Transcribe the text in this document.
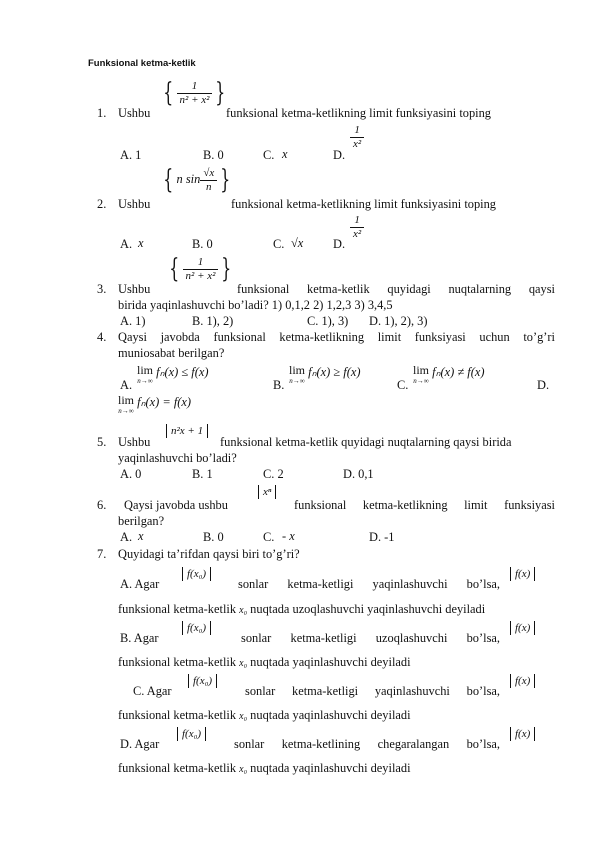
Funksional ketma-ketlik
1. Ushbu
{ $\frac{1}{\text{n² + x²}}$ }
funksional ketma-ketlikning limit funksiyasini toping
A. 1	B. 0	C. x	D.
$\frac{1}{\text{x²}}$
2. Ushbu
{ n $\sin \frac{√x}{n}$ }
funksional ketma-ketlikning limit funksiyasini toping
A. x	B. 0	C. √x D.
$\frac{1}{\text{x²}}$
3. Ushbu
{ $\frac{1}{\text{n² + x²}}$ }
funksional ketma-ketlik quyidagi nuqtalarning qaysi
birida yaqinlashuvchi bo’ladi? 1) 0,1,2 2) 1,2,3 3) 3,4,5
A. 1)	B. 1), 2)	C. 1), 3) D. 1), 2), 3)
4. Qaysi javobda funksional ketma-ketlikning limit funksiyasi uchun to’g’ri
muniosabat berilgan?
A.
lim
n→∞
fₙ(x) ≤ f(x)
B.
lim
n→∞
fₙ(x) ≥ f(x)
C.
lim
n→∞
fₙ(x) ≠ f(x)
D.
lim
n→∞
fₙ(x) = f(x)
5. Ushbu
n²x + 1
funksional ketma-ketlik quyidagi nuqtalarning qaysi birida
yaqinlashuvchi bo’ladi?
A. 0	B. 1	C. 2	D. 0,1
6. Qaysi javobda ushbu
xⁿ
funksional ketma-ketlikning limit funksiyasi
berilgan?
A. x	B. 0	C. - x	D. -1
7. Quyidagi ta’rifdan qaysi biri to’g’ri?
A. Agar
f(x₀)
sonlar ketma-ketligi yaqinlashuvchi bo’lsa,
f(x)
funksional ketma-ketlik x₀ nuqtada uzoqlashuvchi yaqinlashuvchi deyiladi
B. Agar
f(x₀)
sonlar ketma-ketligi uzoqlashuvchi bo’lsa,
f(x)
funksional ketma-ketlik x₀ nuqtada yaqinlashuvchi deyiladi
C. Agar
f(x₀)
sonlar ketma-ketligi yaqinlashuvchi bo’lsa,
f(x)
funksional ketma-ketlik x₀ nuqtada yaqinlashuvchi deyiladi
D. Agar
f(x₀)
sonlar ketma-ketlining chegaralangan bo’lsa,
f(x)
funksional ketma-ketlik x₀ nuqtada yaqinlashuvchi deyiladi
